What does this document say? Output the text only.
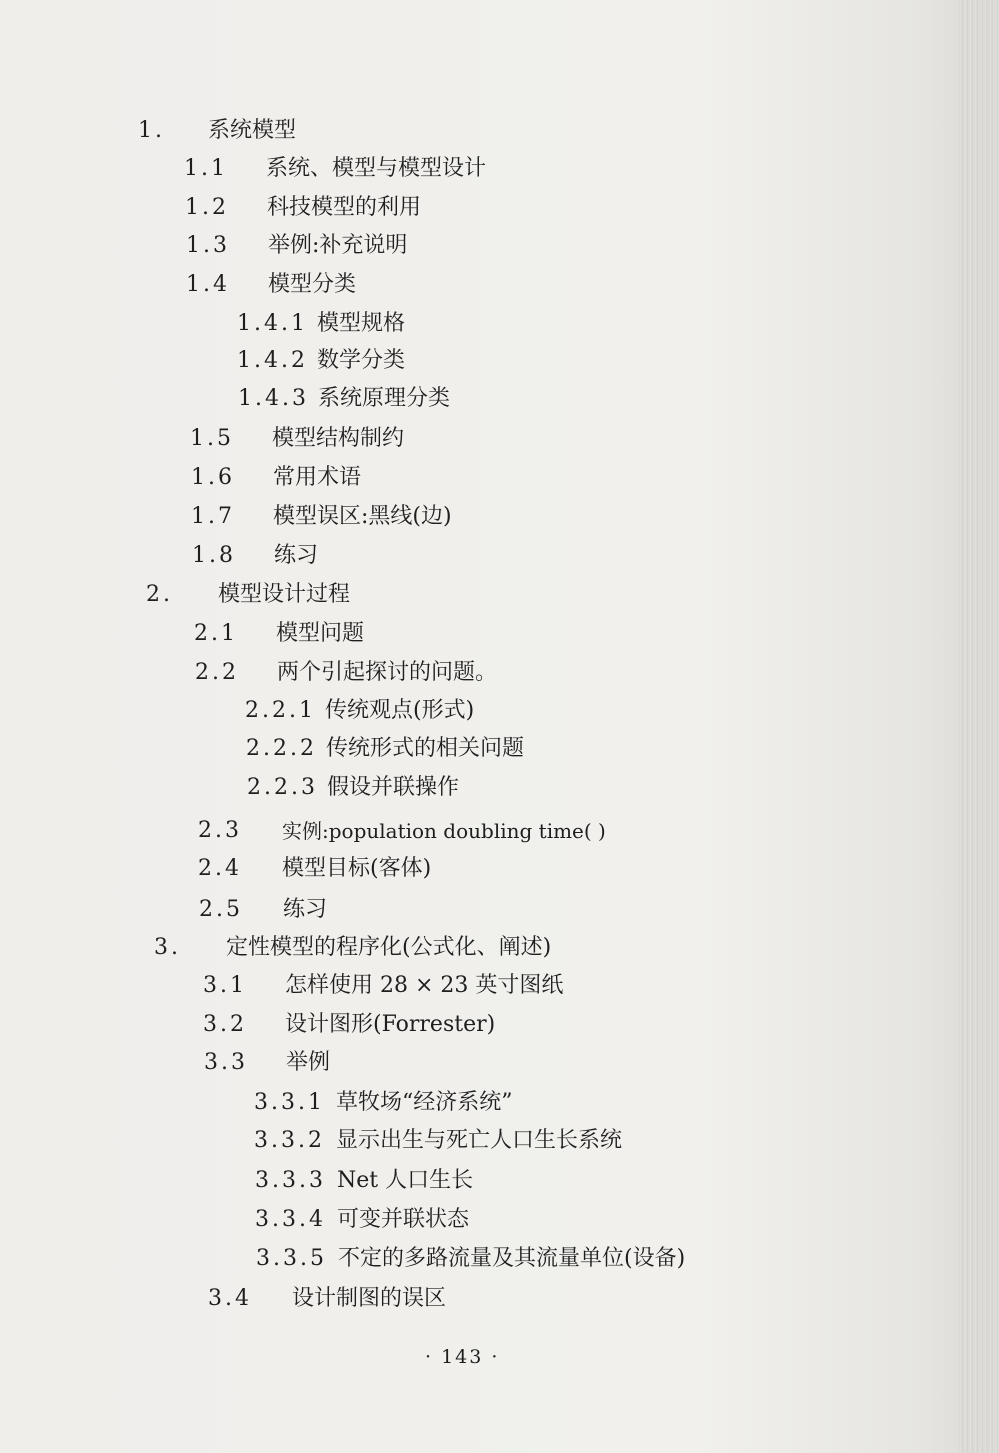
1. 系统模型
1.1 系统、模型与模型设计
1.2 科技模型的利用
1.3 举例:补充说明
1.4 模型分类
1.4.1 模型规格
1.4.2 数学分类
1.4.3 系统原理分类
1.5 模型结构制约
1.6 常用术语
1.7 模型误区:黑线(边)
1.8 练习
2. 模型设计过程
2.1 模型问题
2.2 两个引起探讨的问题。
2.2.1 传统观点(形式)
2.2.2 传统形式的相关问题
2.2.3 假设并联操作
2.3 实例:population doubling time( )
2.4 模型目标(客体)
2.5 练习
3. 定性模型的程序化(公式化、阐述)
3.1 怎样使用 28 × 23 英寸图纸
3.2 设计图形(Forrester)
3.3 举例
3.3.1 草牧场“经济系统”
3.3.2 显示出生与死亡人口生长系统
3.3.3 Net 人口生长
3.3.4 可变并联状态
3.3.5 不定的多路流量及其流量单位(设备)
3.4 设计制图的误区
· 143 ·
